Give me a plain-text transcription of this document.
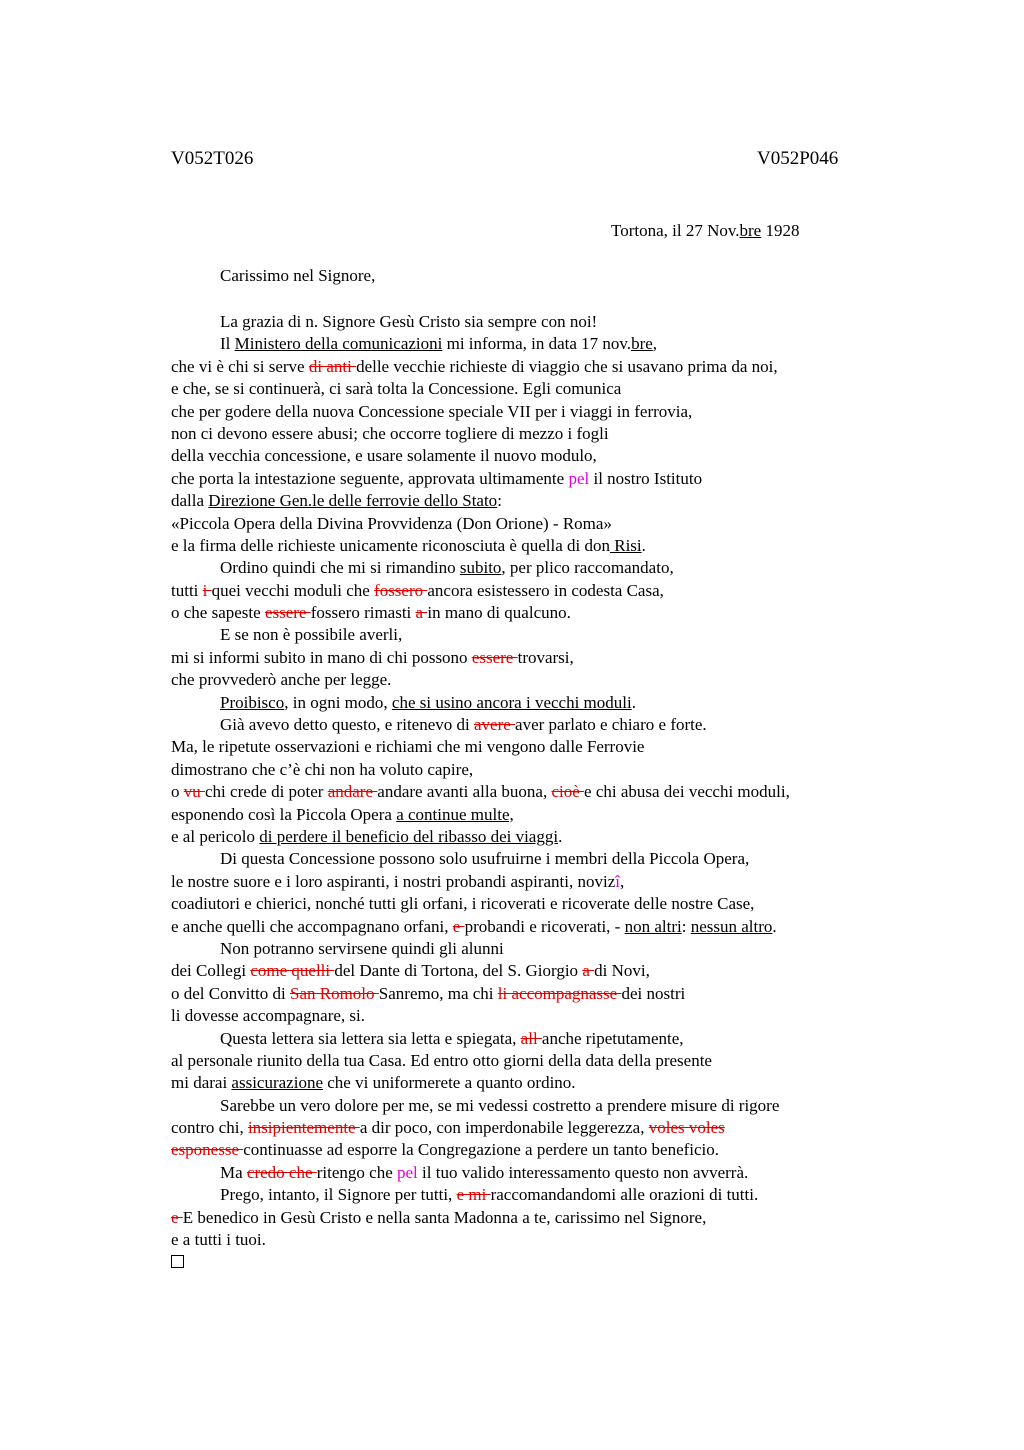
V052T026	V052P046
Tortona, il 27 Nov.bre 1928
Carissimo nel Signore,
La grazia di n. Signore Gesù Cristo sia sempre con noi!
Il Ministero della comunicazioni mi informa, in data 17 nov.bre,
che vi è chi si serve di anti delle vecchie richieste di viaggio che si usavano prima da noi,
e che, se si continuerà, ci sarà tolta la Concessione. Egli comunica
che per godere della nuova Concessione speciale VII per i viaggi in ferrovia,
non ci devono essere abusi; che occorre togliere di mezzo i fogli
della vecchia concessione, e usare solamente il nuovo modulo,
che porta la intestazione seguente, approvata ultimamente pel il nostro Istituto
dalla Direzione Gen.le delle ferrovie dello Stato:
«Piccola Opera della Divina Provvidenza (Don Orione) - Roma»
e la firma delle richieste unicamente riconosciuta è quella di don Risi.
Ordino quindi che mi si rimandino subito, per plico raccomandato,
tutti i quei vecchi moduli che fossero ancora esistessero in codesta Casa,
o che sapeste essere fossero rimasti a in mano di qualcuno.
E se non è possibile averli,
mi si informi subito in mano di chi possono essere trovarsi,
che provvederò anche per legge.
Proibisco, in ogni modo, che si usino ancora i vecchi moduli.
Già avevo detto questo, e ritenevo di avere aver parlato e chiaro e forte.
Ma, le ripetute osservazioni e richiami che mi vengono dalle Ferrovie
dimostrano che c’è chi non ha voluto capire,
o vu chi crede di poter andare andare avanti alla buona, cioè e chi abusa dei vecchi moduli,
esponendo così la Piccola Opera a continue multe,
e al pericolo di perdere il beneficio del ribasso dei viaggi.
Di questa Concessione possono solo usufruirne i membri della Piccola Opera,
le nostre suore e i loro aspiranti, i nostri probandi aspiranti, novizî,
coadiutori e chierici, nonché tutti gli orfani, i ricoverati e ricoverate delle nostre Case,
e anche quelli che accompagnano orfani, e probandi e ricoverati, - non altri: nessun altro.
Non potranno servirsene quindi gli alunni
dei Collegi come quelli del Dante di Tortona, del S. Giorgio a di Novi,
o del Convitto di San Romolo Sanremo, ma chi li accompagnasse dei nostri
li dovesse accompagnare, si.
Questa lettera sia lettera sia letta e spiegata, all anche ripetutamente,
al personale riunito della tua Casa. Ed entro otto giorni della data della presente
mi darai assicurazione che vi uniformerete a quanto ordino.
Sarebbe un vero dolore per me, se mi vedessi costretto a prendere misure di rigore
contro chi, insipientemente a dir poco, con imperdonabile leggerezza, voles voles
esponesse continuasse ad esporre la Congregazione a perdere un tanto beneficio.
Ma credo che ritengo che pel il tuo valido interessamento questo non avverrà.
Prego, intanto, il Signore per tutti, e mi raccomandandomi alle orazioni di tutti.
e E benedico in Gesù Cristo e nella santa Madonna a te, carissimo nel Signore,
e a tutti i tuoi.
